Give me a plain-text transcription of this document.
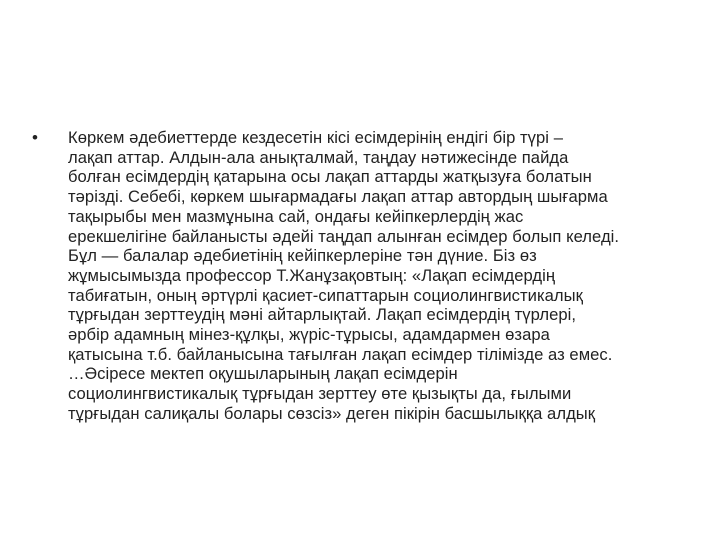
• Көркем әдебиеттерде кездесетін кісі есімдерінің ендігі бір түрі –
лақап аттар. Алдын-ала анықталмай, таңдау нәтижесінде пайда
болған есімдердің қатарына осы лақап аттарды жатқызуға болатын
тәрізді. Себебі, көркем шығармадағы лақап аттар автордың шығарма
тақырыбы мен мазмұнына сай, ондағы кейіпкерлердің жас
ерекшелігіне байланысты әдейі таңдап алынған есімдер болып келеді.
Бұл — балалар әдебиетінің кейіпкерлеріне тән дүние. Біз өз
жұмысымызда профессор Т.Жанұзақовтың: «Лақап есімдердің
табиғатын, оның әртүрлі қасиет-сипаттарын социолингвистикалық
тұрғыдан зерттеудің мәні айтарлықтай. Лақап есімдердің түрлері,
әрбір адамның мінез-құлқы, жүріс-тұрысы, адамдармен өзара
қатысына т.б. байланысына тағылған лақап есімдер тілімізде аз емес.
…Әсіресе мектеп оқушыларының лақап есімдерін
социолингвистикалық тұрғыдан зерттеу өте қызықты да, ғылыми
тұрғыдан салиқалы болары сөзсіз» деген пікірін басшылыққа алдық
